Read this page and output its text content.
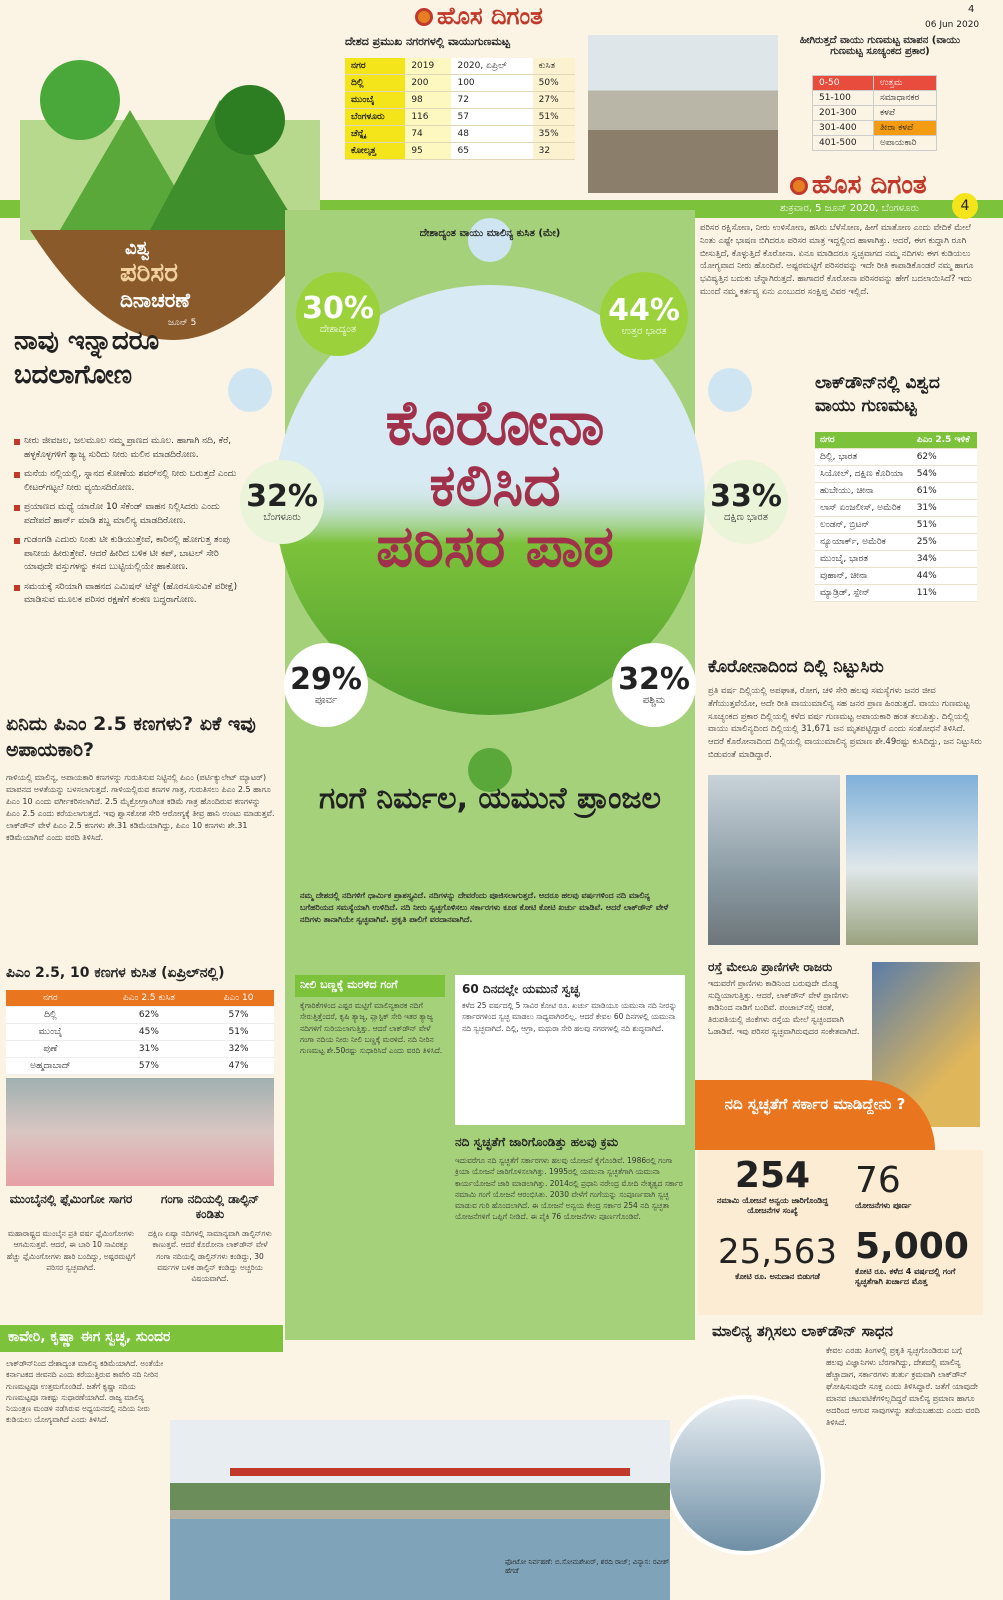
ಹೊಸ ದಿಗಂತ	4
06 Jun 2020
ದೇಶದ ಪ್ರಮುಖ ನಗರಗಳಲ್ಲಿ ವಾಯುಗುಣಮಟ್ಟ
ನಗರ	2019	2020, ಏಪ್ರಿಲ್	ಕುಸಿತ
ದಿಲ್ಲಿ	200	100	50%
ಮುಂಬೈ	98	72	27%
ಬೆಂಗಳೂರು	116	57	51%
ಚೆನ್ನೈ	74	48	35%
ಕೋಲ್ಕತ್ತ	95	65	32
ಹೀಗಿರುತ್ತದೆ ವಾಯು ಗುಣಮಟ್ಟ ಮಾಪನ (ವಾಯು ಗುಣಮಟ್ಟ ಸೂಚ್ಯಂಕದ ಪ್ರಕಾರ)
0-50	ಉತ್ತಮ
51-100	ಸಮಾಧಾನಕರ
201-300	ಕಳಪೆ
301-400	ತೀರಾ ಕಳಪೆ
401-500	ಅಪಾಯಕಾರಿ
ಹೊಸ ದಿಗಂತ
ಶುಕ್ರವಾರ, 5 ಜೂನ್ 2020, ಬೆಂಗಳೂರು	4
ವಿಶ್ವ
ಪರಿಸರ
ದಿನಾಚರಣೆ
ಜೂನ್ 5
ದೇಶಾದ್ಯಂತ ವಾಯು ಮಾಲಿನ್ಯ ಕುಸಿತ (ಮೇ)
30%
ದೇಶಾದ್ಯಂತ
44%
ಉತ್ತರ ಭಾರತ
32%
ಬೆಂಗಳೂರು
33%
ದಕ್ಷಿಣ ಭಾರತ
29%
ಪೂರ್ವ
32%
ಪಶ್ಚಿಮ
ಕೊರೋನಾ
ಕಲಿಸಿದ
ಪರಿಸರ ಪಾಠ
ಪರಿಸರ ರಕ್ಷಿಸೋಣ, ನೀರು ಉಳಿಸೋಣ, ಹಸಿರು ಬೆಳೆಸೋಣ, ಹೀಗೆ ಮಾತೋಣ ಎಂದು ವೇದಿಕೆ ಮೇಲೆ ನಿಂತು ಎಷ್ಟೇ ಭಾಷಣ ಬಿಗಿದರೂ ಪರಿಸರ ಮಾತ್ರ ಇದ್ದಲ್ಲಿಂದ ಹಾಳಾಗಿತ್ತು. ಆದರೆ, ಈಗ ಕುದ್ದಾಗಿ ರೂಗಿ ಬೀಸುತ್ತಿದೆ, ಕೊಳ್ಳುತ್ತಿದೆ ಕೊರೋನಾ. ಏನೂ ಮಾಡಿದರೂ ಸ್ವಚ್ಛವಾಗದ ನಮ್ಮ ನದಿಗಳು ಈಗ ಕುಡಿಯಲು ಯೋಗ್ಯವಾದ ನೀರು ಹೊಂದಿವೆ. ಅಷ್ಟರಮಟ್ಟಿಗೆ ಪರಿಸರವನ್ನು ಇದೇ ರೀತಿ ಕಾಪಾಡಿಕೊಂಡರೆ ನಮ್ಮ ಹಾಗೂ ಭವಿಷ್ಯತ್ತಿನ ಬದುಕು ಚೆನ್ನಾಗಿರುತ್ತದೆ. ಹಾಗಾದರೆ ಕೊರೋನಾ ಪರಿಸರವನ್ನು ಹೇಗೆ ಬದಲಾಯಿಸಿದೆ? ಇದು ಮುಂದೆ ನಮ್ಮ ಕರ್ತವ್ಯ ಏನು ಎಂಬುದರ ಸಂಕ್ಷಿಪ್ತ ವಿವರ ಇಲ್ಲಿದೆ.
ನಾವು ಇನ್ನಾದರೂ ಬದಲಾಗೋಣ
ನೀರು ಜೀವಜಲ, ಜಲಮೂಲ ನಮ್ಮ ಪ್ರಾಣದ ಮೂಲ. ಹಾಗಾಗಿ ನದಿ, ಕೆರೆ, ಹಳ್ಳಕೊಳ್ಳಗಳಿಗೆ ತ್ಯಾಜ್ಯ ಸುರಿದು ನೀರು ಮಲಿನ ಮಾಡದಿರೋಣ.
ಮನೆಯ ನಲ್ಲಿಯಲ್ಲಿ, ಸ್ನಾನದ ಕೋಣೆಯ ಶವರ್‌ನಲ್ಲಿ ನೀರು ಬರುತ್ತದೆ ಎಂದು ಲೀಟರ್‌ಗಟ್ಟಲೆ ನೀರು ವ್ಯಯಿಸದಿರೋಣ.
ಪ್ರಯಾಣದ ಮಧ್ಯೆ ಯಾರೋ 10 ಸೆಕೆಂಡ್ ವಾಹನ ನಿಲ್ಲಿಸಿದರು ಎಂದು ಪದೇಪದೆ ಹಾರ್ನ್ ಮಾಡಿ ಶಬ್ದ ಮಾಲಿನ್ಯ ಮಾಡದಿರೋಣ.
ಗುಡಂಗಡಿ ಎದುರು ನಿಂತು ಟೀ ಕುಡಿಯುತ್ತೇವೆ, ಕಾರಿನಲ್ಲಿ ಹೋಗುತ್ತ ತಂಪು ಪಾನೀಯ ಹೀರುತ್ತೇವೆ. ಆದರೆ ಹೀರಿದ ಬಳಿಕ ಟೀ ಕಪ್, ಬಾಟಲ್ ಸೇರಿ ಯಾವುದೇ ವಸ್ತುಗಳನ್ನು ಕಸದ ಬುಟ್ಟಿಯಲ್ಲಿಯೇ ಹಾಕೋಣ.
ಸಮಯಕ್ಕೆ ಸರಿಯಾಗಿ ವಾಹನದ ಎಮಿಷನ್ ಟೆಸ್ಟ್ (ಹೊರಸೂಸುವಿಕೆ ಪರೀಕ್ಷೆ) ಮಾಡಿಸುವ ಮೂಲಕ ಪರಿಸರ ರಕ್ಷಣೆಗೆ ಕಂಕಣ ಬದ್ಧರಾಗೋಣ.
ಲಾಕ್‌ಡೌನ್‌ನಲ್ಲಿ ವಿಶ್ವದ ವಾಯು ಗುಣಮಟ್ಟ
ನಗರ	ಪಿಎಂ 2.5 ಇಳಿಕೆ
ದಿಲ್ಲಿ, ಭಾರತ	62%
ಸಿಯೋಲ್, ದಕ್ಷಿಣ ಕೊರಿಯಾ	54%
ಹುಬೇಯು, ಚೀನಾ	61%
ಲಾಸ್ ಏಂಜಲೀಸ್, ಅಮೆರಿಕ	31%
ಲಂಡನ್, ಬ್ರಿಟನ್	51%
ನ್ಯೂಯಾರ್ಕ್, ಅಮೆರಿಕ	25%
ಮುಂಬೈ, ಭಾರತ	34%
ವುಹಾನ್, ಚೀನಾ	44%
ಮ್ಯಾಡ್ರಿಡ್, ಸ್ಪೇನ್	11%
ಕೊರೋನಾದಿಂದ ದಿಲ್ಲಿ ನಿಟ್ಟುಸಿರು
ಪ್ರತಿ ವರ್ಷ ದಿಲ್ಲಿಯಲ್ಲಿ ಅಪಘಾತ, ರೋಗ, ಚಳಿ ಸೇರಿ ಹಲವು ಸಮಸ್ಯೆಗಳು ಜನರ ಜೀವ ತೆಗೆಯುತ್ತವೆಯೋ, ಅದೇ ರೀತಿ ವಾಯುಮಾಲಿನ್ಯ ಸಹ ಜನರ ಪ್ರಾಣ ಹಿಂಡುತ್ತದೆ. ವಾಯು ಗುಣಮಟ್ಟ ಸೂಚ್ಯಂಕದ ಪ್ರಕಾರ ದಿಲ್ಲಿಯಲ್ಲಿ ಕಳೆದ ವರ್ಷ ಗುಣಮಟ್ಟ ಅಪಾಯಕಾರಿ ಹಂತ ತಲುಪಿತ್ತು. ದಿಲ್ಲಿಯಲ್ಲಿ ವಾಯು ಮಾಲಿನ್ಯದಿಂದ ದಿಲ್ಲಿಯಲ್ಲಿ 31,671 ಜನ ಮೃತಪಟ್ಟಿದ್ದಾರೆ ಎಂದು ಸಂಶೋಧನೆ ತಿಳಿಸಿದೆ. ಆದರೆ ಕೊರೋನಾದಿಂದ ದಿಲ್ಲಿಯಲ್ಲಿ ವಾಯುಮಾಲಿನ್ಯ ಪ್ರಮಾಣ ಶೇ.49ರಷ್ಟು ಕುಸಿದಿದ್ದು, ಜನ ನಿಟ್ಟುಸಿರು ಬಿಡುವಂತೆ ಮಾಡಿದ್ದಾರೆ.
ರಸ್ತೆ ಮೇಲೂ ಪ್ರಾಣಿಗಳೇ ರಾಜರು
ಇದುವರೆಗೆ ಪ್ರಾಣಿಗಳು ಕಾಡಿನಿಂದ ಬರುವುದೇ ದೊಡ್ಡ ಸುದ್ದಿಯಾಗುತ್ತಿತ್ತು. ಆದರೆ, ಲಾಕ್‌ಡೌನ್ ವೇಳೆ ಪ್ರಾಣಿಗಳು ಕಾಡಿನಿಂದ ನಾಡಿಗೆ ಬಂದಿವೆ. ಪಂಜಾಬ್‌ನಲ್ಲಿ ಚಿರತೆ, ತಿರುಪತಿಯಲ್ಲಿ ಜಿಂಕೆಗಳು ರಸ್ತೆಯ ಮೇಲೆ ಸ್ವಚ್ಛಂದವಾಗಿ ಓಡಾಡಿವೆ. ಇವು ಪರಿಸರ ಸ್ವಚ್ಛವಾಗಿರುವುದರ ಸಂಕೇತವಾಗಿದೆ.
ನದಿ ಸ್ವಚ್ಛತೆಗೆ ಸರ್ಕಾರ ಮಾಡಿದ್ದೇನು ?
254
ನಮಾಮಿ ಯೋಜನೆ ಅನ್ವಯ ಜಾರಿಗೊಂಡಿದ್ದ ಯೋಜನೆಗಳ ಸಂಖ್ಯೆ
76
ಯೋಜನೆಗಳು ಪೂರ್ಣ
25,563
ಕೋಟಿ ರೂ. ಅನುದಾನ ಬಿಡುಗಡೆ
5,000
ಕೋಟಿ ರೂ. ಕಳೆದ 4 ವರ್ಷದಲ್ಲಿ ಗಂಗೆ ಸ್ವಚ್ಛತೆಗಾಗಿ ಖರ್ಚಾದ ಮೊತ್ತ
ಮಾಲಿನ್ಯ ತಗ್ಗಿಸಲು ಲಾಕ್‌ಡೌನ್ ಸಾಧನ
ಕೇವಲ ಎರಡು ತಿಂಗಳಲ್ಲಿ ಪ್ರಕೃತಿ ಸ್ವಚ್ಛಗೊಂಡಿರುವ ಬಗ್ಗೆ ಹಲವು ವಿಜ್ಞಾನಿಗಳು ಬೆರಗಾಗಿದ್ದು, ದೇಶದಲ್ಲಿ ಮಾಲಿನ್ಯ ಹೆಚ್ಚಾದಾಗ, ಸರ್ಕಾರಗಳು ತುರ್ತು ಕ್ರಮವಾಗಿ ಲಾಕ್‌ಡೌನ್ ಘೋಷಿಸುವುದೇ ಸೂಕ್ತ ಎಂದು ತಿಳಿಸಿದ್ದಾರೆ. ಜತೆಗೆ ಯಾವುದೇ ಮಾನವ ಚಟುವಟಿಕೆಗಳಿಲ್ಲದಿದ್ದರೆ ಮಾಲಿನ್ಯ ಪ್ರಮಾಣ ಹಾಗೂ ಅದರಿಂದ ಆಗುವ ಸಾವುಗಳನ್ನು ತಡೆಯಬಹುದು ಎಂದು ವರದಿ ತಿಳಿಸಿದೆ.
ಏನಿದು ಪಿಎಂ 2.5 ಕಣಗಳು? ಏಕೆ ಇವು ಅಪಾಯಕಾರಿ?
ಗಾಳಿಯಲ್ಲಿ ಮಾಲಿನ್ಯ, ಅಪಾಯಕಾರಿ ಕಣಗಳನ್ನು ಗುರುತಿಸುವ ನಿಟ್ಟಿನಲ್ಲಿ ಪಿಎಂ (ಪರ್ಟಿಕ್ಯುಲೇಟ್ ಮ್ಯಾಟರ್) ಮಾಪನದ ಅಳತೆಯನ್ನು ಬಳಸಲಾಗುತ್ತದೆ. ಗಾಳಿಯಲ್ಲಿರುವ ಕಣಗಳ ಗಾತ್ರ, ಗುರುತಿಸಲು ಪಿಎಂ 2.5 ಹಾಗೂ ಪಿಎಂ 10 ಎಂದು ವರ್ಗೀಕರಿಸಲಾಗಿದೆ. 2.5 ಮೈಕ್ರೋಗ್ರಾಂಗಿಂತ ಕಡಿಮೆ ಗಾತ್ರ ಹೊಂದಿರುವ ಕಣಗಳನ್ನು ಪಿಎಂ 2.5 ಎಂದು ಕರೆಯಲಾಗುತ್ತದೆ. ಇವು ಶ್ವಾಸಕೋಶ ಸೇರಿ ಆರೋಗ್ಯಕ್ಕೆ ತೀವ್ರ ಹಾನಿ ಉಂಟು ಮಾಡುತ್ತವೆ. ಲಾಕ್‌ಡೌನ್ ವೇಳೆ ಪಿಎಂ 2.5 ಕಣಗಳು ಶೇ.31 ಕಡಿಮೆಯಾಗಿದ್ದು, ಪಿಎಂ 10 ಕಣಗಳು ಶೇ.31 ಕಡಿಮೆಯಾಗಿವೆ ಎಂದು ವರದಿ ತಿಳಿಸಿದೆ.
ಪಿಎಂ 2.5, 10 ಕಣಗಳ ಕುಸಿತ (ಏಪ್ರಿಲ್‌ನಲ್ಲಿ)
ನಗರ	ಪಿಎಂ 2.5 ಕುಸಿತ	ಪಿಎಂ 10
ದಿಲ್ಲಿ	62%	57%
ಮುಂಬೈ	45%	51%
ಪುಣೆ	31%	32%
ಅಹ್ಮದಾಬಾದ್	57%	47%
ಮುಂಬೈನಲ್ಲಿ ಫ್ಲೆಮಿಂಗೋ ಸಾಗರ
ಮಹಾರಾಷ್ಟ್ರದ ಮುಂಬೈನ ಪ್ರತಿ ವರ್ಷ ಫ್ಲೆಮಿಂಗೋಗಳು ಆಗಮಿಸುತ್ತವೆ. ಆದರೆ, ಈ ಬಾರಿ 10 ಸಾವಿರಕ್ಕೂ ಹೆಚ್ಚು ಫ್ಲೆಮಿಂಗೋಗಳು ಹಾರಿ ಬಂದಿದ್ದು, ಅಷ್ಟರಮಟ್ಟಿಗೆ ಪರಿಸರ ಸ್ವಚ್ಛವಾಗಿದೆ.
ಗಂಗಾ ನದಿಯಲ್ಲಿ ಡಾಲ್ಫಿನ್ ಕಂಡಿತು
ದಕ್ಷಿಣ ಏಷ್ಯಾ ನದಿಗಳಲ್ಲಿ ಸಾಮಾನ್ಯವಾಗಿ ಡಾಲ್ಫಿನ್‌ಗಳು ಕಾಣುತ್ತವೆ. ಆದರೆ ಕೊರೋನಾ ಲಾಕ್‌ಡೌನ್ ವೇಳೆ ಗಂಗಾ ನದಿಯಲ್ಲಿ ಡಾಲ್ಫಿನ್‌ಗಳು ಕಂಡಿದ್ದು, 30 ವರ್ಷಗಳ ಬಳಿಕ ಡಾಲ್ಫಿನ್ ಕಂಡಿದ್ದು ಅಚ್ಚರಿಯ ವಿಷಯವಾಗಿದೆ.
ಕಾವೇರಿ, ಕೃಷ್ಣಾ ಈಗ ಸ್ವಚ್ಛ, ಸುಂದರ
ಲಾಕ್‌ಡೌನ್‌ನಿಂದ ದೇಶಾದ್ಯಂತ ಮಾಲಿನ್ಯ ಕಡಿಮೆಯಾಗಿದೆ. ಅಂತೆಯೇ ಕರ್ನಾಟಕದ ಜೀವನದಿ ಎಂದು ಕರೆಯುತ್ತಿರುವ ಕಾವೇರಿ ನದಿ ನೀರಿನ ಗುಣಮಟ್ಟವೂ ಉತ್ತಮಗೊಂಡಿದೆ. ಜತೆಗೆ ಕೃಷ್ಣಾ ನದಿಯ ಗುಣಮಟ್ಟವೂ ಸಾಕಷ್ಟು ಸುಧಾರಣೆಯಾಗಿದೆ. ರಾಜ್ಯ ಮಾಲಿನ್ಯ ನಿಯಂತ್ರಣ ಮಂಡಳಿ ನಡೆಸಿರುವ ಅಧ್ಯಯನದಲ್ಲಿ ನದಿಯ ನೀರು ಕುಡಿಯಲು ಯೋಗ್ಯವಾಗಿದೆ ಎಂದು ತಿಳಿಸಿದೆ.
ಫೋಟೋ ನಿರ್ವಹಣೆ: ಬಿ.ಸೋಮಶೇಖರ್, ಶರದಿ ರಾಜ್; ವಿನ್ಯಾಸ: ರವೀಶ್ ಹೆಗಡೆ
ಗಂಗೆ ನಿರ್ಮಲ, ಯಮುನೆ ಪ್ರಾಂಜಲ
ನಮ್ಮ ದೇಶದಲ್ಲಿ ನದಿಗಳಿಗೆ ಧಾರ್ಮಿಕ ಪ್ರಾಶಸ್ತ್ಯವಿದೆ. ನದಿಗಳನ್ನು ದೇವರೆಂದು ಪೂಜಿಸಲಾಗುತ್ತದೆ. ಆದರೂ ಹಲವು ವರ್ಷಗಳಿಂದ ನದಿ ಮಾಲಿನ್ಯ ಬಗೆಹರಿಯದ ಸಮಸ್ಯೆಯಾಗಿ ಉಳಿದಿದೆ. ನದಿ ನೀರು ಸ್ವಚ್ಛಗೊಳಿಸಲು ಸರ್ಕಾರಗಳು ಕೂಡ ಕೋಟಿ ಕೋಟಿ ಖರ್ಚು ಮಾಡಿವೆ. ಆದರೆ ಲಾಕ್‌ಡೌನ್ ವೇಳೆ ನದಿಗಳು ತಾನಾಗಿಯೇ ಸ್ವಚ್ಛವಾಗಿವೆ. ಪ್ರಕೃತಿ ಪಾಲಿಗೆ ವರದಾನವಾಗಿದೆ.
ನೀಲಿ ಬಣ್ಣಕ್ಕೆ ಮರಳಿದ ಗಂಗೆ
ಕೈಗಾರಿಕೆಗಳಿಂದ ಎಷ್ಟರ ಮಟ್ಟಿಗೆ ಮಾಲಿನ್ಯಕಾರಕ ನದಿಗೆ ಸೇರುತ್ತಿತ್ತೆಂದರೆ, ಕೃಷಿ ತ್ಯಾಜ್ಯ, ಪ್ಲಾಸ್ಟಿಕ್ ಸೇರಿ ಇತರ ತ್ಯಾಜ್ಯ ನದಿಗಳಿಗೆ ಸುರಿಯಲಾಗುತ್ತಿತ್ತು. ಆದರೆ ಲಾಕ್‌ಡೌನ್ ವೇಳೆ ಗಂಗಾ ನದಿಯ ನೀರು ನೀಲಿ ಬಣ್ಣಕ್ಕೆ ಮರಳಿದೆ. ನದಿ ನೀರಿನ ಗುಣಮಟ್ಟ ಶೇ.50ರಷ್ಟು ಸುಧಾರಿಸಿದೆ ಎಂದು ವರದಿ ತಿಳಿಸಿದೆ.
60 ದಿನದಲ್ಲೇ ಯಮುನೆ ಸ್ವಚ್ಛ
ಕಳೆದ 25 ವರ್ಷದಲ್ಲಿ 5 ಸಾವಿರ ಕೋಟಿ ರೂ. ಖರ್ಚು ಮಾಡಿಯೂ ಯಮುನಾ ನದಿ ನೀರನ್ನು ಸರ್ಕಾರಗಳಿಂದ ಸ್ವಚ್ಛ ಮಾಡಲು ಸಾಧ್ಯವಾಗಿರಲಿಲ್ಲ. ಆದರೆ ಕೇವಲ 60 ದಿನಗಳಲ್ಲಿ ಯಮುನಾ ನದಿ ಸ್ವಚ್ಛವಾಗಿದೆ. ದಿಲ್ಲಿ, ಆಗ್ರಾ, ಮಥುರಾ ಸೇರಿ ಹಲವು ನಗರಗಳಲ್ಲಿ ನದಿ ಶುದ್ಧವಾಗಿದೆ.
ನದಿ ಸ್ವಚ್ಛತೆಗೆ ಜಾರಿಗೊಂಡಿತ್ತು ಹಲವು ಕ್ರಮ
ಇದುವರೆಗೂ ನದಿ ಸ್ವಚ್ಛತೆಗೆ ಸರ್ಕಾರಗಳು ಹಲವು ಯೋಜನೆ ಕೈಗೊಂಡಿವೆ. 1986ರಲ್ಲಿ ಗಂಗಾ ಕ್ರಿಯಾ ಯೋಜನೆ ಜಾರಿಗೊಳಿಸಲಾಗಿತ್ತು. 1995ರಲ್ಲಿ ಯಮುನಾ ಸ್ವಚ್ಛತೆಗಾಗಿ ಯಮುನಾ ಕಾರ್ಯಯೋಜನೆ ಜಾರಿ ಮಾಡಲಾಗಿತ್ತು. 2014ರಲ್ಲಿ ಪ್ರಧಾನಿ ನರೇಂದ್ರ ಮೋದಿ ನೇತೃತ್ವದ ಸರ್ಕಾರ ನಮಾಮಿ ಗಂಗೆ ಯೋಜನೆ ಆರಂಭಿಸಿತು. 2030 ವೇಳೆಗೆ ಗಂಗೆಯನ್ನು ಸಂಪೂರ್ಣವಾಗಿ ಸ್ವಚ್ಛ ಮಾಡುವ ಗುರಿ ಹೊಂದಲಾಗಿದೆ. ಈ ಯೋಜನೆ ಅನ್ವಯ ಕೇಂದ್ರ ಸರ್ಕಾರ 254 ನದಿ ಸ್ವಚ್ಛತಾ ಯೋಜನೆಗಳಿಗೆ ಒಪ್ಪಿಗೆ ನೀಡಿದೆ. ಈ ಪೈಕಿ 76 ಯೋಜನೆಗಳು ಪೂರ್ಣಗೊಂಡಿವೆ.
